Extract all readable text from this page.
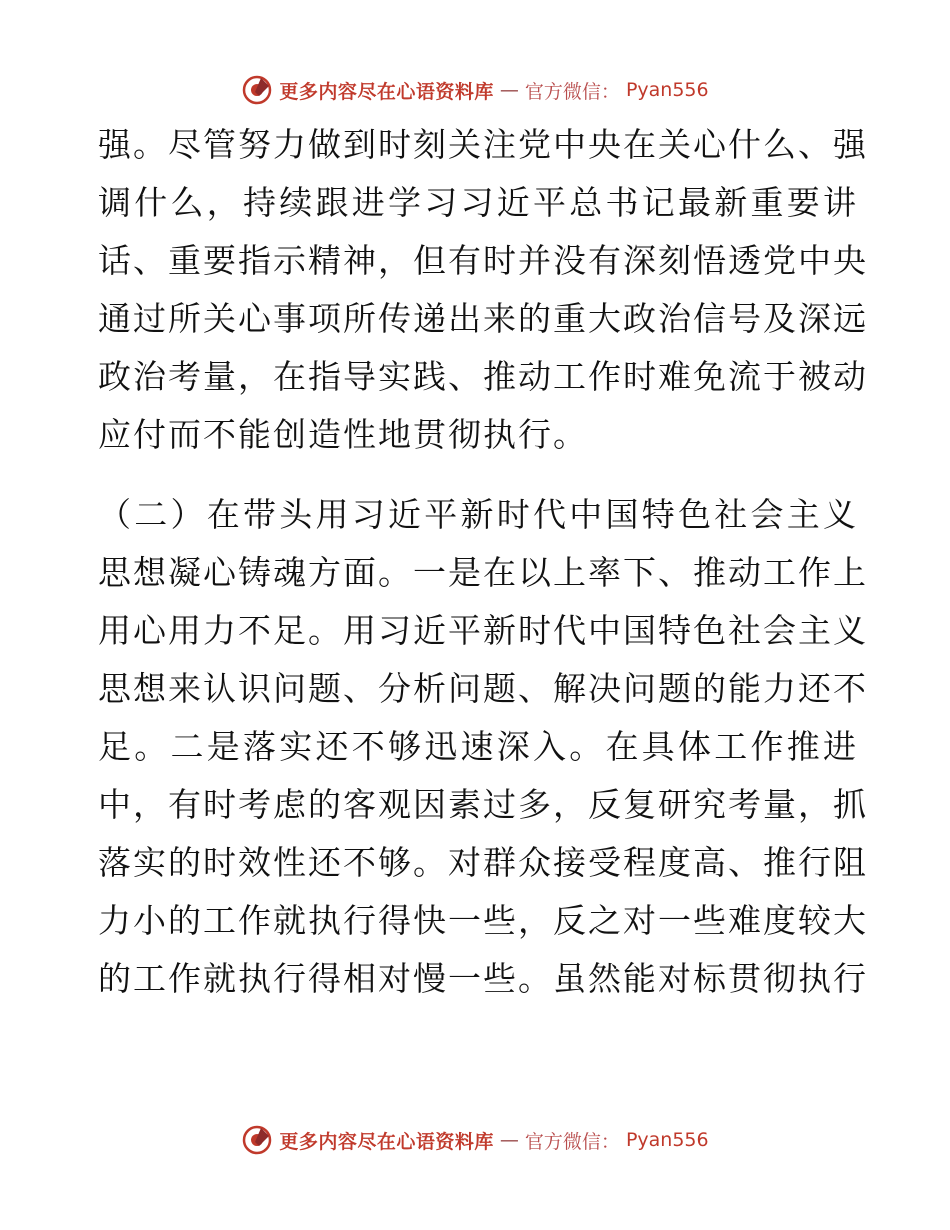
更多内容尽在心语资料库 — 官方微信： Pyan556
强 。 尽 管 努 力 做 到 时 刻 关 注 党 中 央 在 关 心 什 么 、 强
调 什 么 ， 持 续 跟 进 学 习 习 近 平 总 书 记 最 新 重 要 讲
话 、 重 要 指 示 精 神 ， 但 有 时 并 没 有 深 刻 悟 透 党 中 央
通 过 所 关 心 事 项 所 传 递 出 来 的 重 大 政 治 信 号 及 深 远
政 治 考 量 ， 在 指 导 实 践 、 推 动 工 作 时 难 免 流 于 被 动
应付而不能创造性地贯彻执行。
（ 二 ） 在 带 头 用 习 近 平 新 时 代 中 国 特 色 社 会 主 义
思 想 凝 心 铸 魂 方 面 。 一 是 在 以 上 率 下 、 推 动 工 作 上
用 心 用 力 不 足 。 用 习 近 平 新 时 代 中 国 特 色 社 会 主 义
思 想 来 认 识 问 题 、 分 析 问 题 、 解 决 问 题 的 能 力 还 不
足 。 二 是 落 实 还 不 够 迅 速 深 入 。 在 具 体 工 作 推 进
中 ， 有 时 考 虑 的 客 观 因 素 过 多 ， 反 复 研 究 考 量 ， 抓
落 实 的 时 效 性 还 不 够 。 对 群 众 接 受 程 度 高 、 推 行 阻
力 小 的 工 作 就 执 行 得 快 一 些 ， 反 之 对 一 些 难 度 较 大
的 工 作 就 执 行 得 相 对 慢 一 些 。 虽 然 能 对 标 贯 彻 执 行
更多内容尽在心语资料库 — 官方微信： Pyan556
